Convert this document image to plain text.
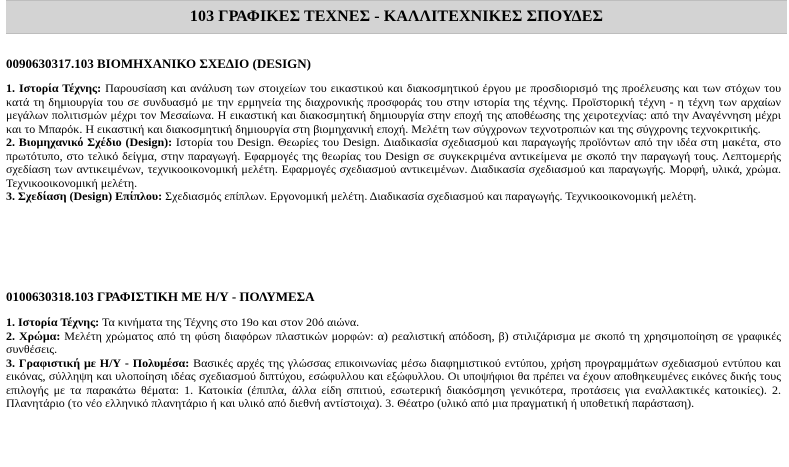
103 ΓΡΑΦΙΚΕΣ ΤΕΧΝΕΣ - ΚΑΛΛΙΤΕΧΝΙΚΕΣ ΣΠΟΥΔΕΣ
0090630317.103 ΒΙΟΜΗΧΑΝΙΚΟ ΣΧΕΔΙΟ (DESIGN)

1. Ιστορία Τέχνης: Παρουσίαση και ανάλυση των στοιχείων του εικαστικού και διακοσμητικού έργου με προσδιορισμό της προέλευσης και των στόχων του κατά τη δημιουργία του σε συνδυασμό με την ερμηνεία της διαχρονικής προσφοράς του στην ιστορία της τέχνης. Προϊστορική τέχνη - η τέχνη των αρχαίων μεγάλων πολιτισμών μέχρι τον Μεσαίωνα. Η εικαστική και διακοσμητική δημιουργία στην εποχή της αποθέωσης της χειροτεχνίας: από την Αναγέννηση μέχρι και το Μπαρόκ. Η εικαστική και διακοσμητική δημιουργία στη βιομηχανική εποχή. Μελέτη των σύγχρονων τεχνοτροπιών και της σύγχρονης τεχνοκριτικής.

2. Βιομηχανικό Σχέδιο (Design): Ιστορία του Design. Θεωρίες του Design. Διαδικασία σχεδιασμού και παραγωγής προϊόντων από την ιδέα στη μακέτα, στο πρωτότυπο, στο τελικό δείγμα, στην παραγωγή. Εφαρμογές της θεωρίας του Design σε συγκεκριμένα αντικείμενα με σκοπό την παραγωγή τους. Λεπτομερής σχεδίαση των αντικειμένων, τεχνικοοικονομική μελέτη. Εφαρμογές σχεδιασμού αντικειμένων. Διαδικασία σχεδιασμού και παραγωγής. Μορφή, υλικά, χρώμα. Τεχνικοοικονομική μελέτη.

3. Σχεδίαση (Design) Επίπλου: Σχεδιασμός επίπλων. Εργονομική μελέτη. Διαδικασία σχεδιασμού και παραγωγής. Τεχνικοοικονομική μελέτη.

0100630318.103 ΓΡΑΦΙΣΤΙΚΗ ΜΕ Η/Υ - ΠΟΛΥΜΕΣΑ

1. Ιστορία Τέχνης: Τα κινήματα της Τέχνης στο 19ο και στον 20ό αιώνα.

2. Χρώμα: Μελέτη χρώματος από τη φύση διαφόρων πλαστικών μορφών: α) ρεαλιστική απόδοση, β) στιλιζάρισμα με σκοπό τη χρησιμοποίηση σε γραφικές συνθέσεις.

3. Γραφιστική με Η/Υ - Πολυμέσα: Βασικές αρχές της γλώσσας επικοινωνίας μέσω διαφημιστικού εντύπου, χρήση προγραμμάτων σχεδιασμού εντύπου και εικόνας, σύλληψη και υλοποίηση ιδέας σχεδιασμού διπτύχου, εσώφυλλου και εξώφυλλου. Οι υποψήφιοι θα πρέπει να έχουν αποθηκευμένες εικόνες δικής τους επιλογής με τα παρακάτω θέματα: 1. Κατοικία (έπιπλα, άλλα είδη σπιτιού, εσωτερική διακόσμηση γενικότερα, προτάσεις για εναλλακτικές κατοικίες). 2. Πλανητάριο (το νέο ελληνικό πλανητάριο ή και υλικό από διεθνή αντίστοιχα). 3. Θέατρο (υλικό από μια πραγματική ή υποθετική παράσταση).
